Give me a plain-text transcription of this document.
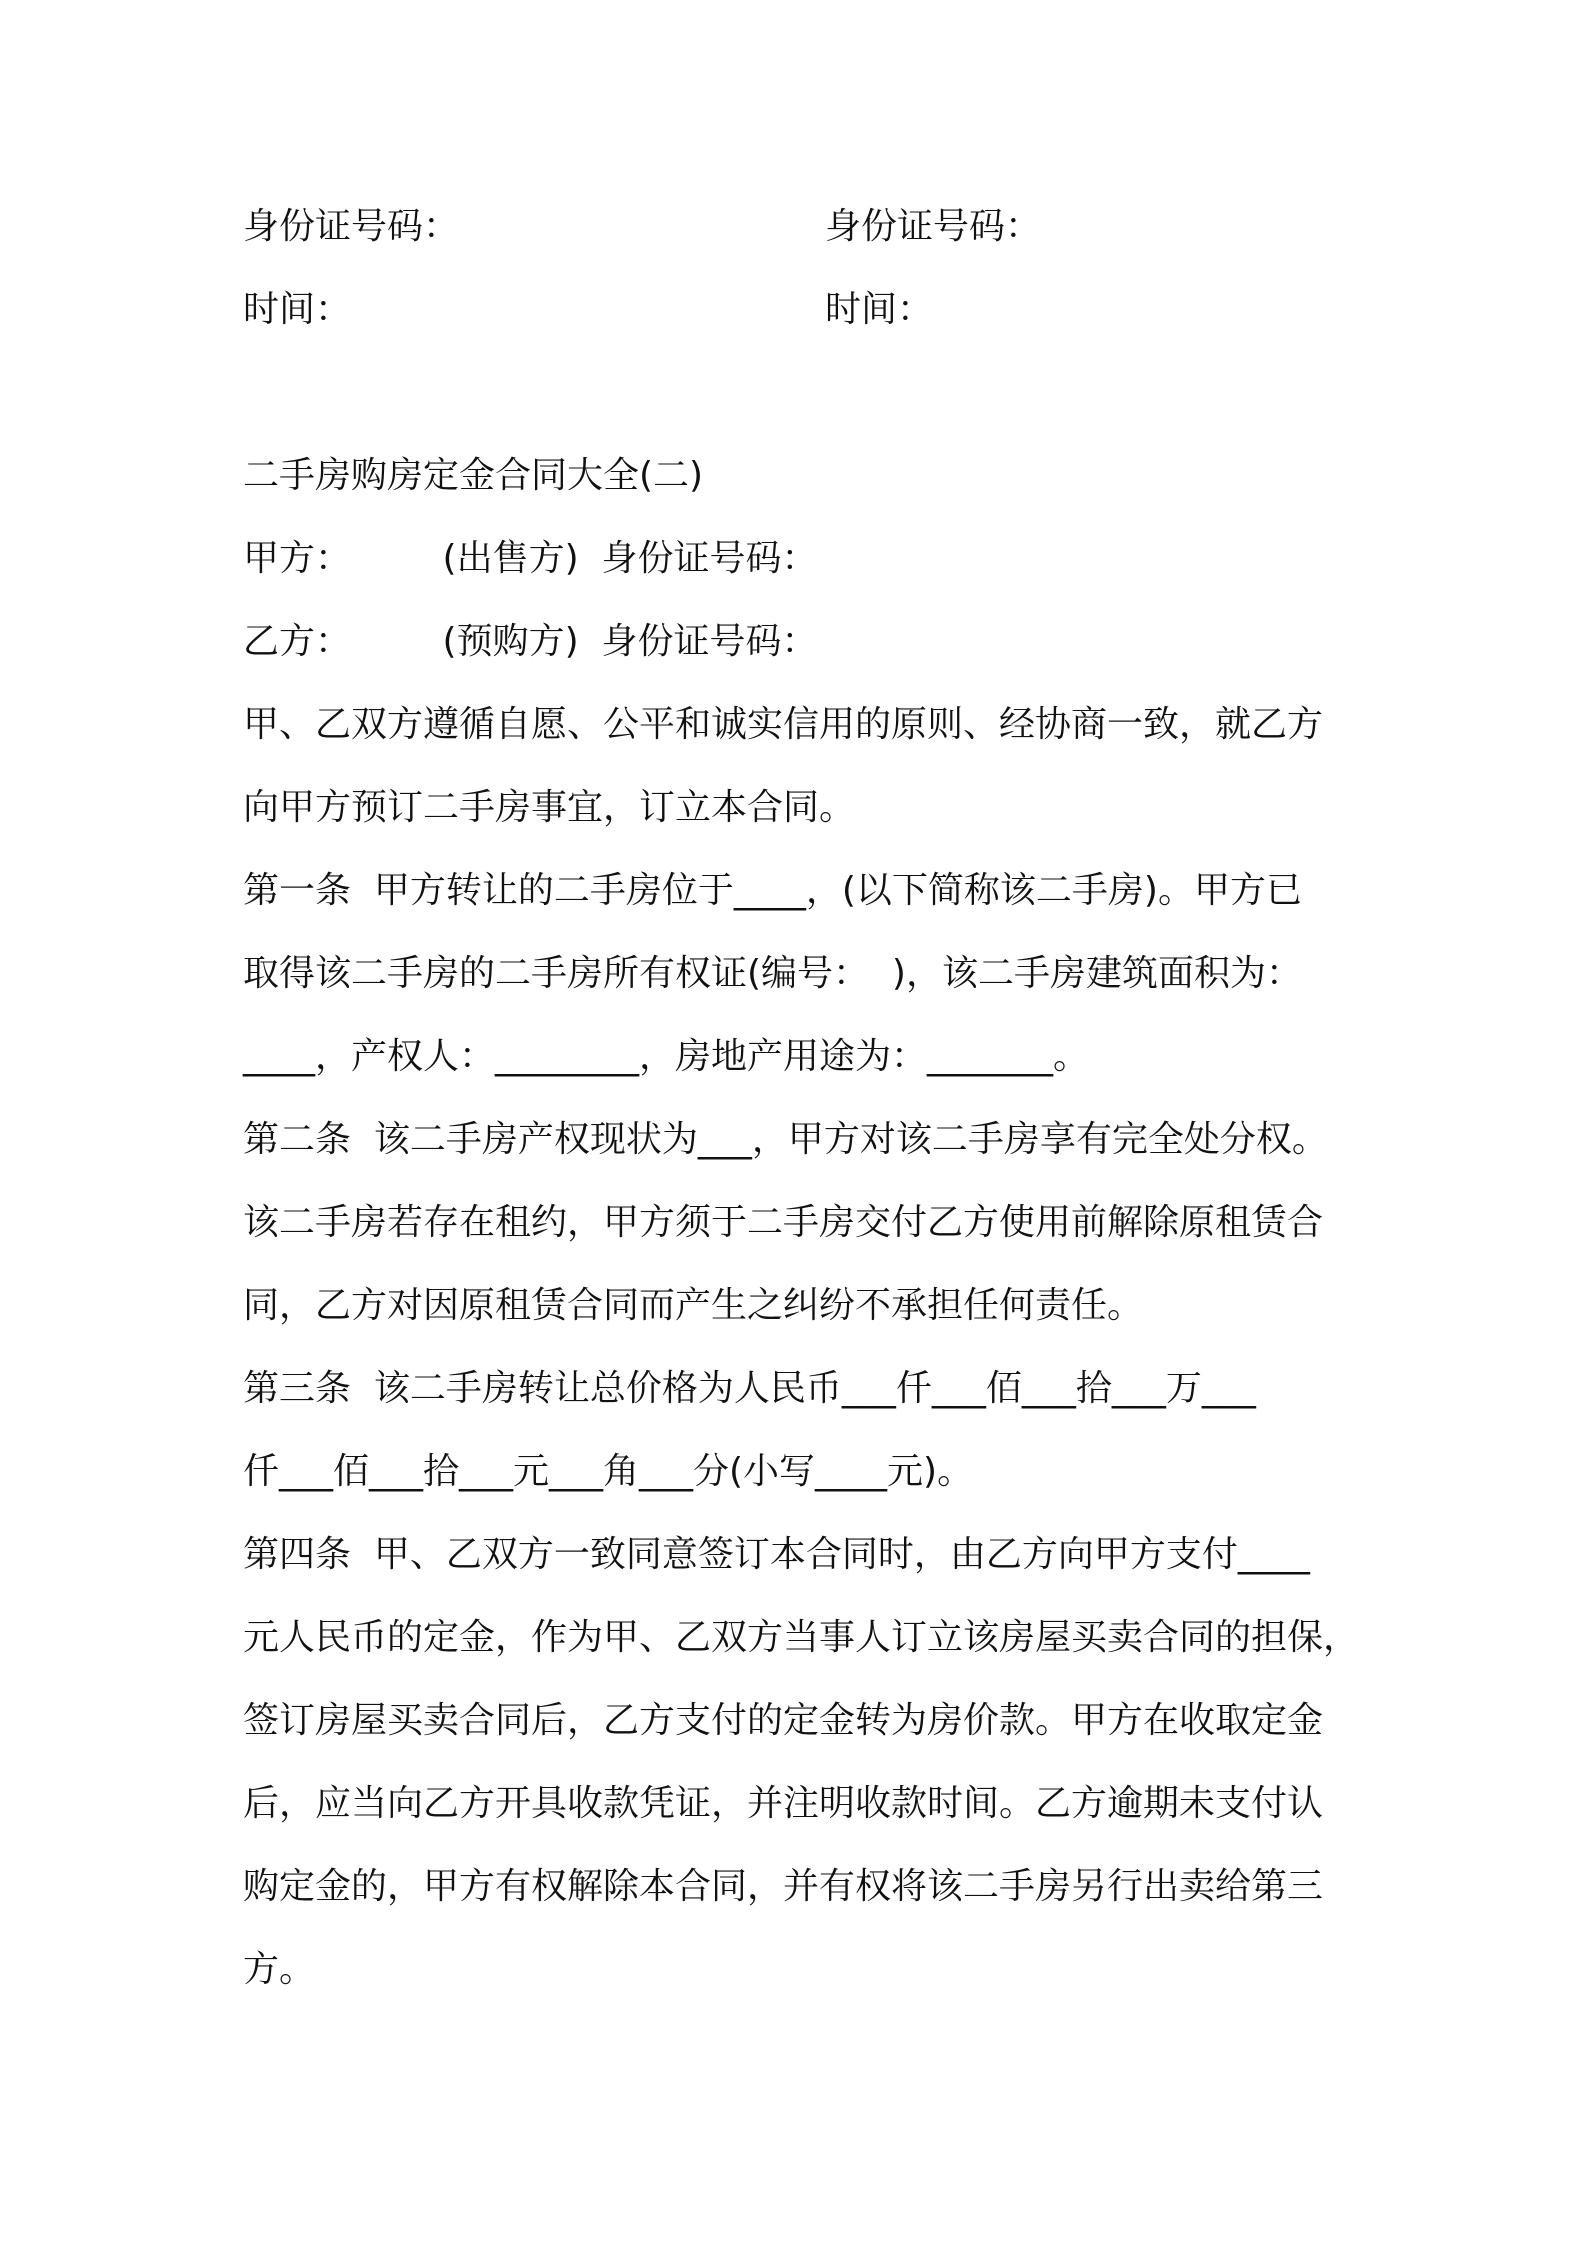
身份证号码：	身份证号码：
时间：	时间：
二手房购房定金合同大全(二)
甲方：        (出售方)  身份证号码：
乙方：        (预购方)  身份证号码：
甲、乙双方遵循自愿、公平和诚实信用的原则、经协商一致，就乙方
向甲方预订二手房事宜，订立本合同。
第一条  甲方转让的二手房位于____，(以下简称该二手房)。甲方已
取得该二手房的二手房所有权证(编号：  )，该二手房建筑面积为：
____，产权人：________，房地产用途为：_______。
第二条  该二手房产权现状为___，甲方对该二手房享有完全处分权。
该二手房若存在租约，甲方须于二手房交付乙方使用前解除原租赁合
同，乙方对因原租赁合同而产生之纠纷不承担任何责任。
第三条  该二手房转让总价格为人民币___仟___佰___拾___万___
仟___佰___拾___元___角___分(小写____元)。
第四条  甲、乙双方一致同意签订本合同时，由乙方向甲方支付____
元人民币的定金，作为甲、乙双方当事人订立该房屋买卖合同的担保，
签订房屋买卖合同后，乙方支付的定金转为房价款。甲方在收取定金
后，应当向乙方开具收款凭证，并注明收款时间。乙方逾期未支付认
购定金的，甲方有权解除本合同，并有权将该二手房另行出卖给第三
方。
